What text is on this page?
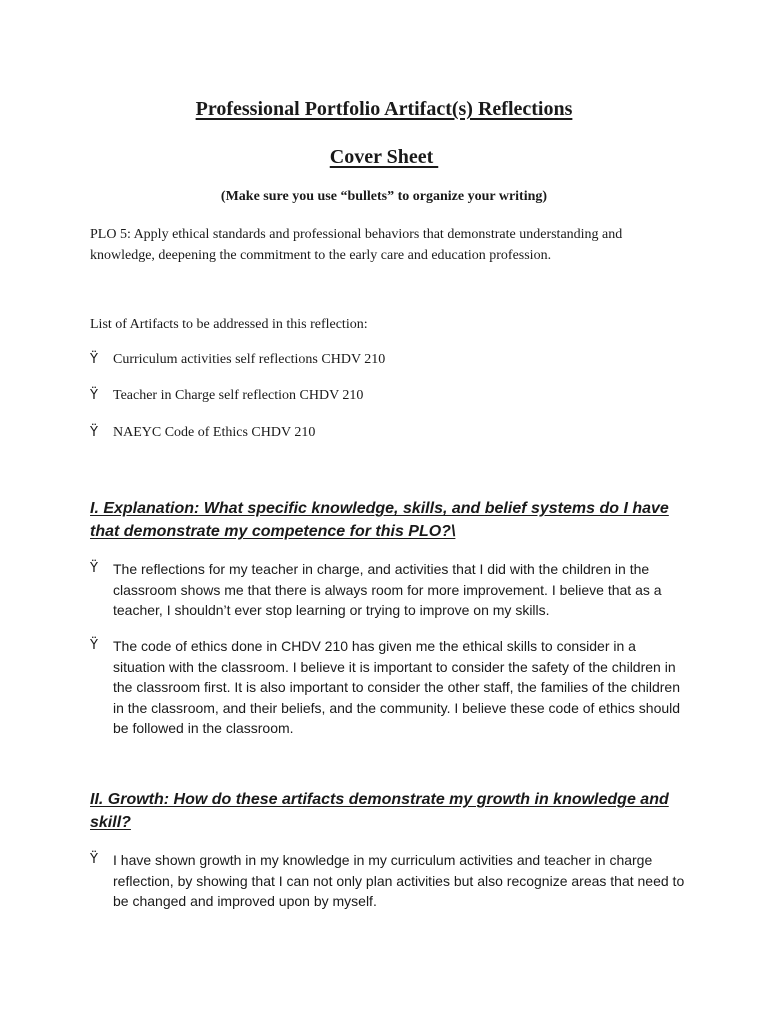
Professional Portfolio Artifact(s) Reflections
Cover Sheet
(Make sure you use “bullets” to organize your writing)
PLO 5: Apply ethical standards and professional behaviors that demonstrate understanding and knowledge, deepening the commitment to the early care and education profession.
List of Artifacts to be addressed in this reflection:
Ÿ Curriculum activities self reflections CHDV 210
Ÿ Teacher in Charge self reflection CHDV 210
Ÿ NAEYC Code of Ethics CHDV 210
I. Explanation: What specific knowledge, skills, and belief systems do I have that demonstrate my competence for this PLO?\
Ÿ The reflections for my teacher in charge, and activities that I did with the children in the classroom shows me that there is always room for more improvement. I believe that as a teacher, I shouldn’t ever stop learning or trying to improve on my skills.
Ÿ The code of ethics done in CHDV 210 has given me the ethical skills to consider in a situation with the classroom. I believe it is important to consider the safety of the children in the classroom first. It is also important to consider the other staff, the families of the children in the classroom, and their beliefs, and the community. I believe these code of ethics should be followed in the classroom.
II. Growth: How do these artifacts demonstrate my growth in knowledge and skill?
Ÿ I have shown growth in my knowledge in my curriculum activities and teacher in charge reflection, by showing that I can not only plan activities but also recognize areas that need to be changed and improved upon by myself.
